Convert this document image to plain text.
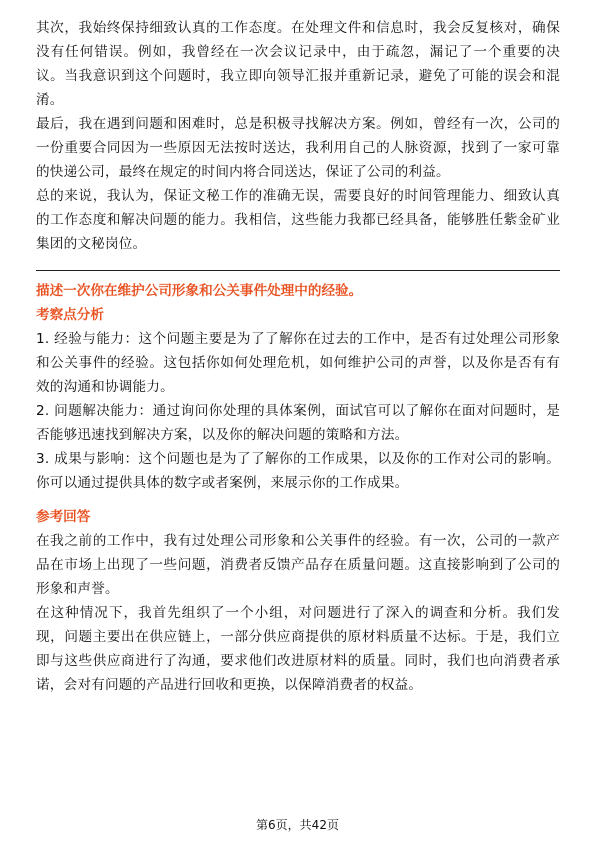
其次，我始终保持细致认真的工作态度。在处理文件和信息时，我会反复核对，确保没有任何错误。例如，我曾经在一次会议记录中，由于疏忽，漏记了一个重要的决议。当我意识到这个问题时，我立即向领导汇报并重新记录，避免了可能的误会和混淆。

最后，我在遇到问题和困难时，总是积极寻找解决方案。例如，曾经有一次，公司的一份重要合同因为一些原因无法按时送达，我利用自己的人脉资源，找到了一家可靠的快递公司，最终在规定的时间内将合同送达，保证了公司的利益。

总的来说，我认为，保证文秘工作的准确无误，需要良好的时间管理能力、细致认真的工作态度和解决问题的能力。我相信，这些能力我都已经具备，能够胜任紫金矿业集团的文秘岗位。

描述一次你在维护公司形象和公关事件处理中的经验。

考察点分析

1. 经验与能力：这个问题主要是为了了解你在过去的工作中，是否有过处理公司形象和公关事件的经验。这包括你如何处理危机，如何维护公司的声誉，以及你是否有有效的沟通和协调能力。

2. 问题解决能力：通过询问你处理的具体案例，面试官可以了解你在面对问题时，是否能够迅速找到解决方案，以及你的解决问题的策略和方法。

3. 成果与影响：这个问题也是为了了解你的工作成果，以及你的工作对公司的影响。你可以通过提供具体的数字或者案例，来展示你的工作成果。

参考回答

在我之前的工作中，我有过处理公司形象和公关事件的经验。有一次，公司的一款产品在市场上出现了一些问题，消费者反馈产品存在质量问题。这直接影响到了公司的形象和声誉。

在这种情况下，我首先组织了一个小组，对问题进行了深入的调查和分析。我们发现，问题主要出在供应链上，一部分供应商提供的原材料质量不达标。于是，我们立即与这些供应商进行了沟通，要求他们改进原材料的质量。同时，我们也向消费者承诺，会对有问题的产品进行回收和更换，以保障消费者的权益。

第6页，共42页
